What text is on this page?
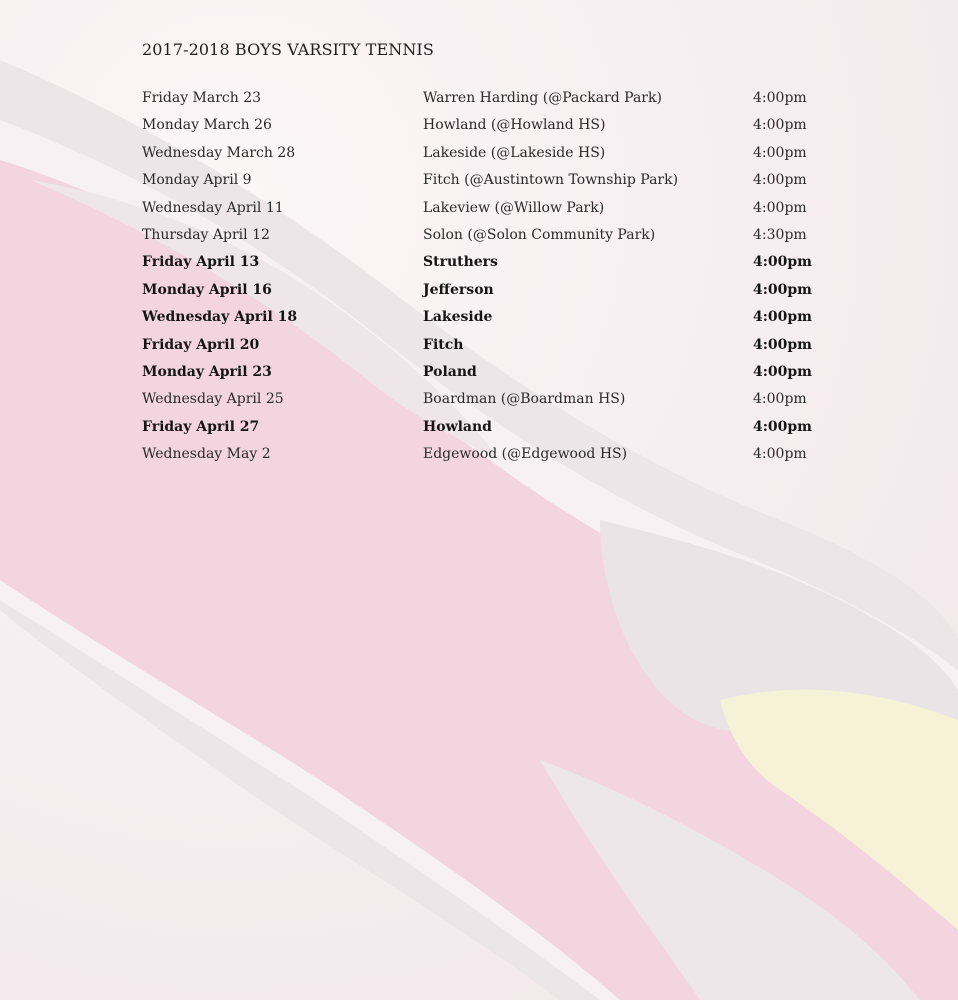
2017-2018 BOYS VARSITY TENNIS
Friday March 23	Warren Harding (@Packard Park)	4:00pm
Monday March 26	Howland (@Howland HS)	4:00pm
Wednesday March 28	Lakeside (@Lakeside HS)	4:00pm
Monday April 9	Fitch (@Austintown Township Park)	4:00pm
Wednesday April 11	Lakeview (@Willow Park)	4:00pm
Thursday April 12	Solon (@Solon Community Park)	4:30pm
Friday April 13	Struthers	4:00pm
Monday April 16	Jefferson	4:00pm
Wednesday April 18	Lakeside	4:00pm
Friday April 20	Fitch	4:00pm
Monday April 23	Poland	4:00pm
Wednesday April 25	Boardman (@Boardman HS)	4:00pm
Friday April 27	Howland	4:00pm
Wednesday May 2	Edgewood (@Edgewood HS)	4:00pm
